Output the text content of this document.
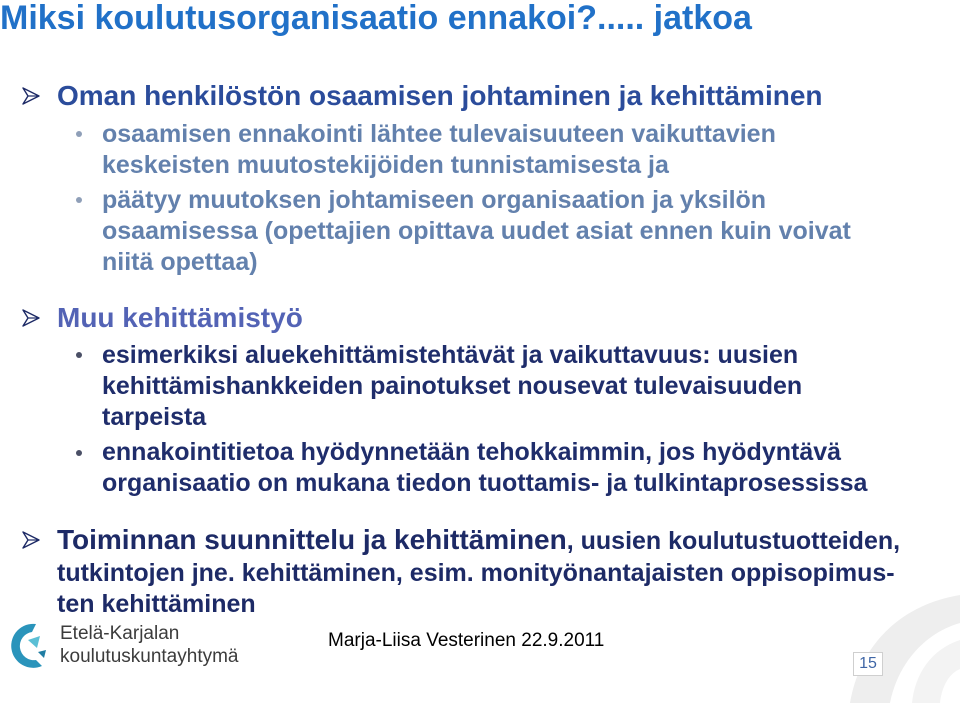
Miksi koulutusorganisaatio ennakoi?..... jatkoa
Oman henkilöstön osaamisen johtaminen ja kehittäminen
osaamisen ennakointi lähtee tulevaisuuteen vaikuttavien
keskeisten muutostekijöiden tunnistamisesta ja
päätyy muutoksen johtamiseen organisaation ja yksilön
osaamisessa (opettajien opittava uudet asiat ennen kuin voivat
niitä opettaa)
Muu kehittämistyö
esimerkiksi aluekehittämistehtävät ja vaikuttavuus: uusien
kehittämishankkeiden painotukset nousevat tulevaisuuden
tarpeista
ennakointitietoa hyödynnetään tehokkaimmin, jos hyödyntävä
organisaatio on mukana tiedon tuottamis- ja tulkintaprosessissa
Toiminnan suunnittelu ja kehittäminen, uusien koulutustuotteiden,
tutkintojen jne. kehittäminen, esim. monityönantajaisten oppisopimus-
ten kehittäminen
Etelä-Karjalan
koulutuskuntayhtymä
Marja-Liisa Vesterinen 22.9.2011
15
